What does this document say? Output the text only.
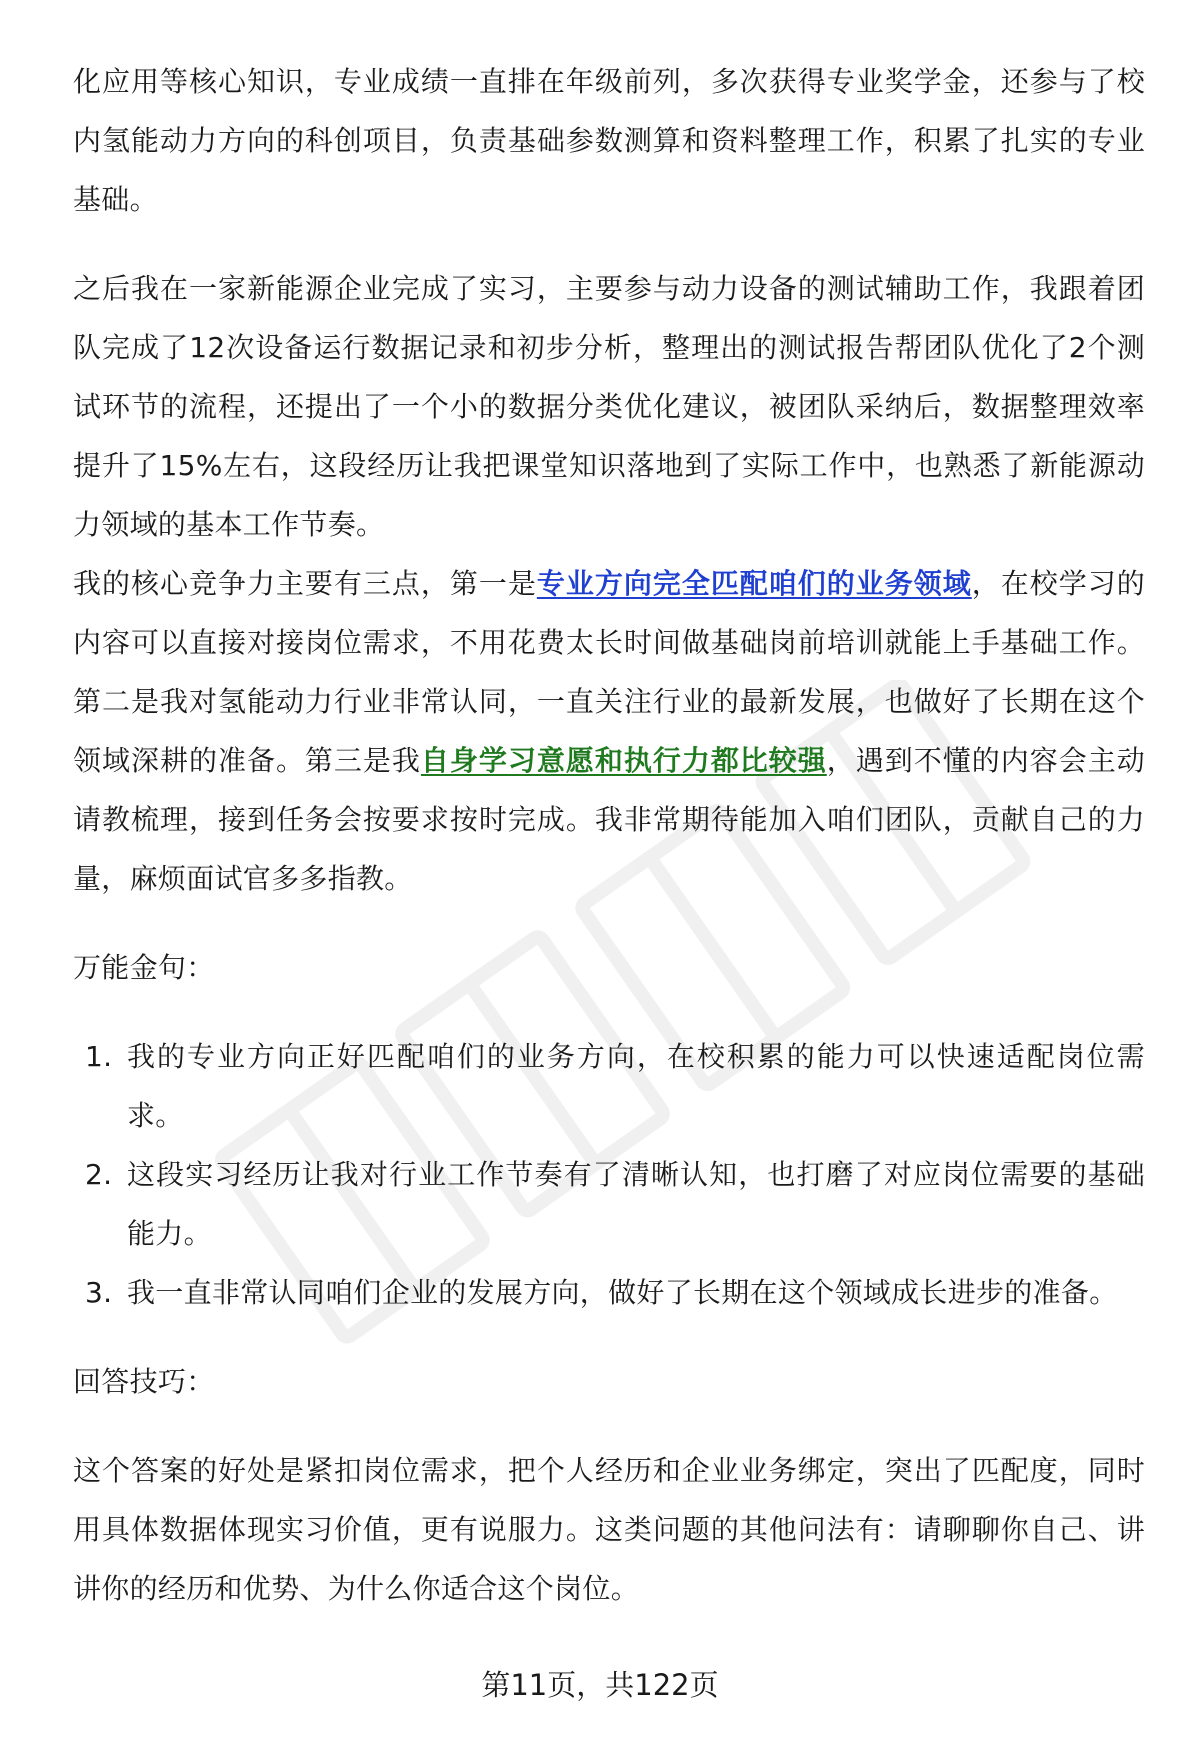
化应用等核心知识，专业成绩一直排在年级前列，多次获得专业奖学金，还参与了校内氢能动力方向的科创项目，负责基础参数测算和资料整理工作，积累了扎实的专业基础。

之后我在一家新能源企业完成了实习，主要参与动力设备的测试辅助工作，我跟着团队完成了12次设备运行数据记录和初步分析，整理出的测试报告帮团队优化了2个测试环节的流程，还提出了一个小的数据分类优化建议，被团队采纳后，数据整理效率提升了15%左右，这段经历让我把课堂知识落地到了实际工作中，也熟悉了新能源动力领域的基本工作节奏。

我的核心竞争力主要有三点，第一是专业方向完全匹配咱们的业务领域，在校学习的内容可以直接对接岗位需求，不用花费太长时间做基础岗前培训就能上手基础工作。第二是我对氢能动力行业非常认同，一直关注行业的最新发展，也做好了长期在这个领域深耕的准备。第三是我自身学习意愿和执行力都比较强，遇到不懂的内容会主动请教梳理，接到任务会按要求按时完成。我非常期待能加入咱们团队，贡献自己的力量，麻烦面试官多多指教。

万能金句：

1. 我的专业方向正好匹配咱们的业务方向，在校积累的能力可以快速适配岗位需求。
2. 这段实习经历让我对行业工作节奏有了清晰认知，也打磨了对应岗位需要的基础能力。
3. 我一直非常认同咱们企业的发展方向，做好了长期在这个领域成长进步的准备。

回答技巧：

这个答案的好处是紧扣岗位需求，把个人经历和企业业务绑定，突出了匹配度，同时用具体数据体现实习价值，更有说服力。这类问题的其他问法有：请聊聊你自己、讲讲你的经历和优势、为什么你适合这个岗位。

第11页，共122页
